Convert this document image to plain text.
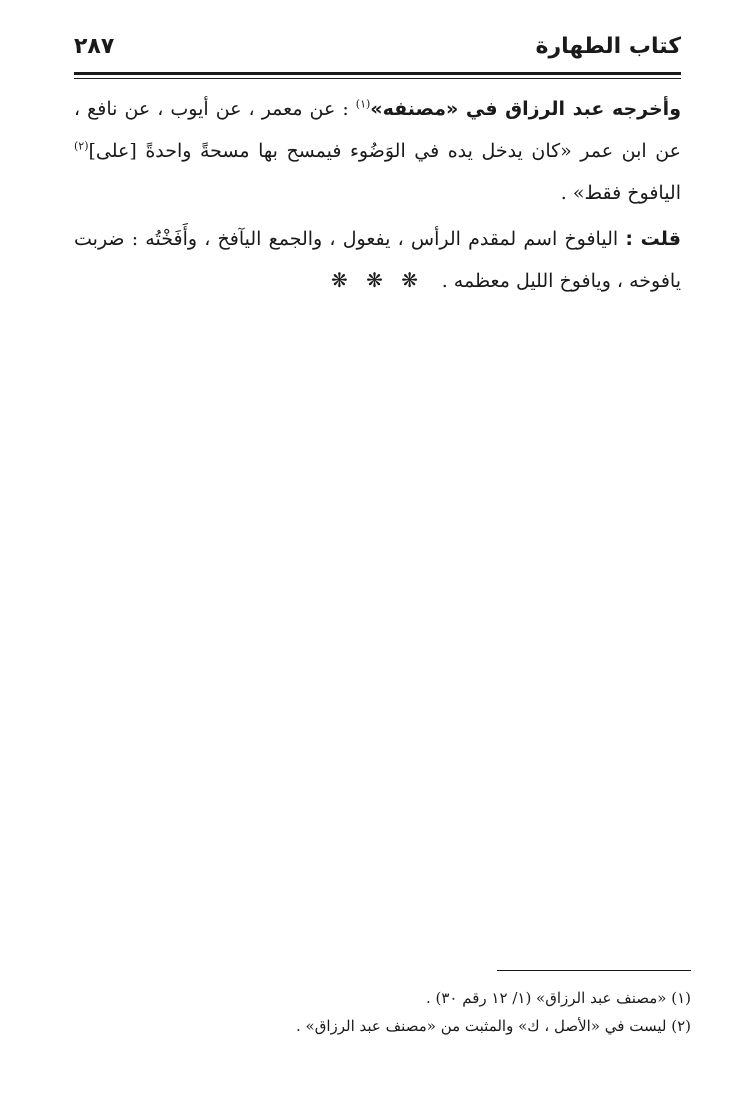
كتاب الطهارة
٢٨٧

وأخرجه عبد الرزاق في «مصنفه»$^{(١)}$ : عن معمر ، عن أيوب ، عن نافع ، عن ابن عمر «كان يدخل يده في الوَضُوء فيمسح بها مسحةً واحدةً [على]$^{(٢)}$ اليافوخ فقط» .

قلت : اليافوخ اسم لمقدم الرأس ، يفعول ، والجمع اليآفخ ، وأَفَخْتُه : ضربت يافوخه ، ويافوخ الليل معظمه .

❋ ❋ ❋

(١) «مصنف عبد الرزاق» (١/ ١٢ رقم ٣٠) .

(٢) ليست في «الأصل ، ك» والمثبت من «مصنف عبد الرزاق» .
